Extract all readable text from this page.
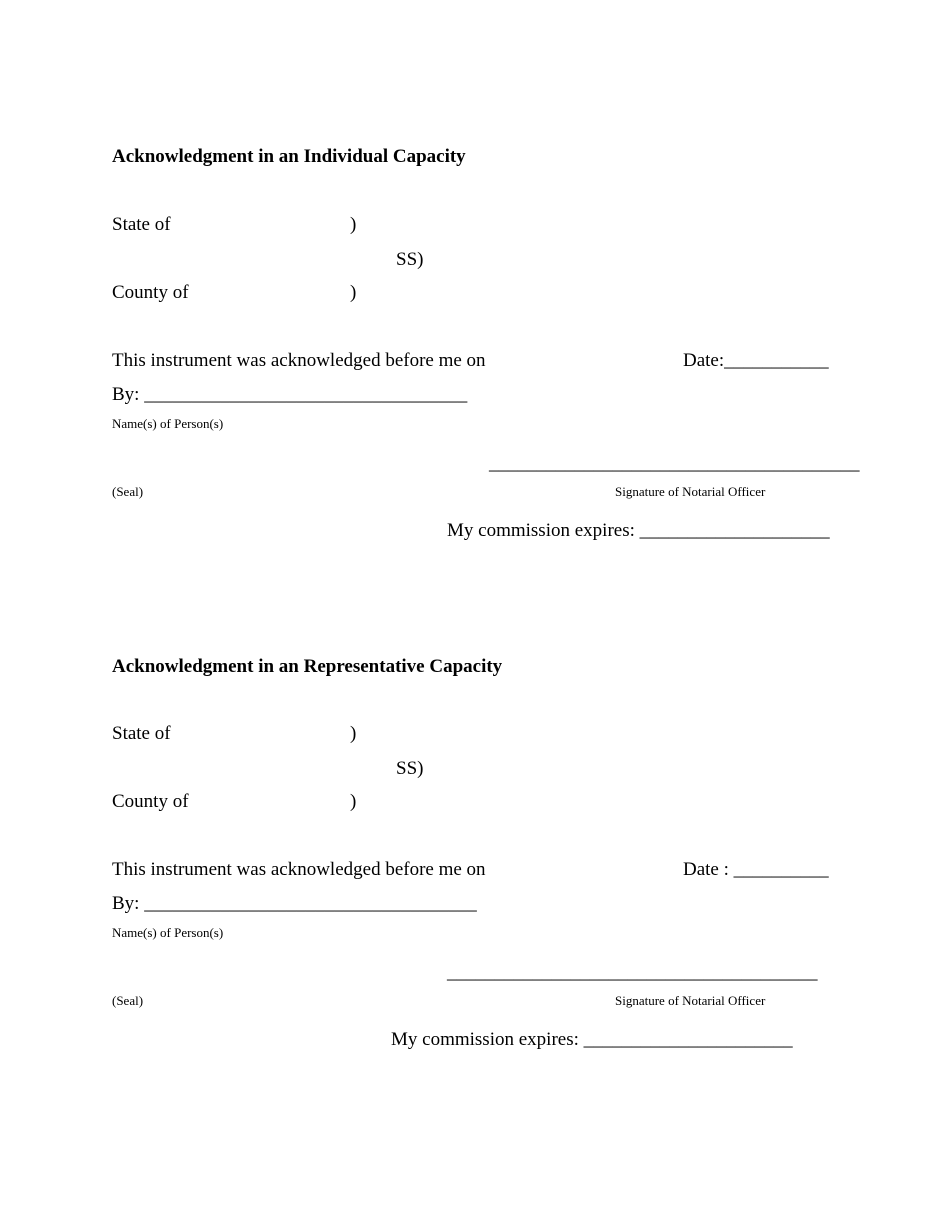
Acknowledgment in an Individual Capacity
State of	)
SS)
County of	)
This instrument was acknowledged before me on	Date:___________
By: __________________________________
Name(s) of Person(s)
_______________________________________
(Seal)	Signature of Notarial Officer
My commission expires: ____________________
Acknowledgment in an Representative Capacity
State of	)
SS)
County of	)
This instrument was acknowledged before me on	Date : __________
By: ___________________________________
Name(s) of Person(s)
_______________________________________
(Seal)	Signature of Notarial Officer
My commission expires: ______________________
